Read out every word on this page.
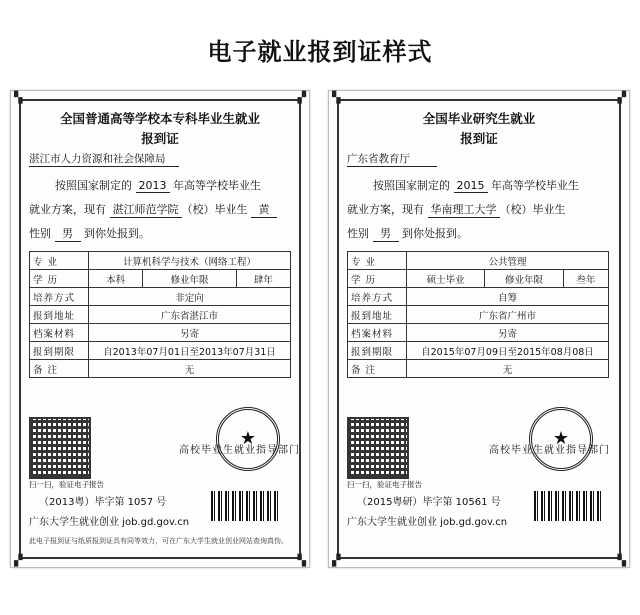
电子就业报到证样式
▚	▞
▞	▚
全国普通高等学校本专科毕业生就业
报到证
湛江市人力资源和社会保障局
按照国家制定的 2013 年高等学校毕业生
就业方案，现有 湛江师范学院 （校）毕业生 黄
性别 男 到你处报到。
专 业	计算机科学与技术（网络工程）		
学 历	本科	修业年限	肆年
培养方式	非定向		
报到地址	广东省湛江市		
档案材料	另寄		
报到期限	自2013年07月01日至2013年07月31日		
备 注	无		
扫一扫，验证电子报告
★
高校毕业生就业指导部门
（2013粤）毕字第 1057 号
广东大学生就业创业 job.gd.gov.cn
此电子报到证与纸质报到证具有同等效力，可在广东大学生就业创业网站查询真伪。
▚	▞
▞	▚
全国毕业研究生就业
报到证
广东省教育厅
按照国家制定的 2015 年高等学校毕业生
就业方案，现有 华南理工大学 （校）毕业生
性别 男 到你处报到。
专 业	公共管理		
学 历	硕士毕业	修业年限	叁年
培养方式	自筹		
报到地址	广东省广州市		
档案材料	另寄		
报到期限	自2015年07月09日至2015年08月08日		
备 注	无		
扫一扫，验证电子报告
★
高校毕业生就业指导部门
（2015粤研）毕字第 10561 号
广东大学生就业创业 job.gd.gov.cn
